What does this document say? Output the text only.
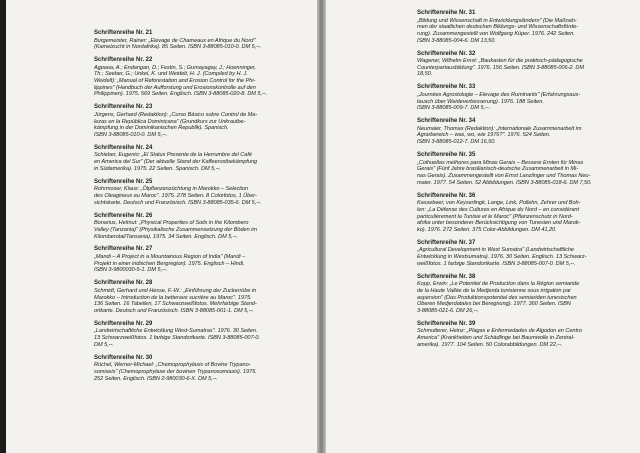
Schriftenreihe Nr. 21
Burgemeister, Rainer: „Elevage de Chameaux en Afrique du Nord"
(Kamelzucht in Nordafrika). 85 Seiten. ISBN 3-88085-010-0. DM 5,--.
Schriftenreihe Nr. 22
Agpaoa, A.; Endangan, D.; Festin, S.; Gumayagay, J.; Hoenninger,
Th.; Seeber, G.; Unkel, K. und Weidelt, H. J. (Compiled by H. J.
Weidelt): „Manual of Reforestation and Erosion Control for the Phi-
lippines" (Handbuch der Aufforstung und Erosionskontrolle auf den
Philippinen). 1975. 569 Seiten. Englisch. ISBN 3-88085-020-8. DM 5,--.
Schriftenreihe Nr. 23
Jürgens, Gerhard (Redaktion): „Curso Básico sobre Control de Ma-
lezas en la República Dominicana" (Grundkurs zur Unkrautbe-
kämpfung in der Dominikanischen Republik). Spanisch.
ISBN 3-88085-010-0. DM 5,--.
Schriftenreihe Nr. 24
Schieber, Eugenio: „El Status Presente de la Herrumbre del Café
en America del Sur" (Der aktuelle Stand der Kaffeerostbekämpfung
in Südamerika). 1975. 22 Seiten. Spanisch. DM 5,--.
Schriftenreihe Nr. 25
Rohrmoser, Klaus: „Ölpflanzenzüchtung in Marokko – Selection
des Oleagineux au Maroc". 1975. 278 Seiten. 8 Colorfotos, 1 Über-
sichtskarte. Deutsch und Französisch. ISBN 3-88085-035-6. DM 5,--.
Schriftenreihe Nr. 26
Bonarius, Helmut: „Physical Properties of Soils in the Kilombero
Valley (Tanzania)" (Physikalische Zusammensetzung der Böden im
Kilomberotal/Tansania). 1975. 34 Seiten. Englisch. DM 5,--.
Schriftenreihe Nr. 27
„Mandi – A Project in a Mountainous Region of India" (Mandi –
Projekt in einer indischen Bergregion). 1975. Englisch – Hindi.
ISBN 3-9800030-5-1. DM 5,--.
Schriftenreihe Nr. 28
Schmidt, Gerhard und Hesse, F.-W.: „Einführung der Zuckerrübe in
Marokko – Introduction de la betterave sucrière au Maroc". 1975.
136 Seiten. 16 Tabellen, 17 Schwarzweißfotos. Mehrfarbige Stand-
ortkarte. Deutsch und Französisch. ISBN 3-88085-001-1. DM 5,--.
Schriftenreihe Nr. 29
„Landwirtschaftliche Entwicklung West-Sumatras". 1976. 30 Seiten.
13 Schwarzweißfotos. 1 farbige Standortkarte. ISBN 3-88085-007-0.
DM 5,--.
Schriftenreihe Nr. 30
Rüchel, Werner-Michael: „Chemoprophylaxis of Bovine Trypano-
somiasis" (Chemoprophylaxe der bovinen Trypanosomiasis). 1975.
252 Seiten. Englisch. ISBN 2-980030-6-X. DM 5,--.
Schriftenreihe Nr. 31
„Bildung und Wissenschaft in Entwicklungsländern" (Die Maßnah-
men der staatlichen deutschen Bildungs- und Wissenschaftsförde-
rung). Zusammengestellt von Wolfgang Küper. 1976. 242 Seiten.
ISBN 3-88085-004-6. DM 13,50.
Schriftenreihe Nr. 32
Wagener, Wilhelm Ernst: „Baukasten für die praktisch-pädagogische
Counterpartausbildung". 1976. 156 Seiten. ISBN 3-88085-006-2. DM
18,50.
Schriftenreihe Nr. 33
„Journées Agrostologie – Elevage des Ruminants" (Erfahrungsaus-
tausch über Weideverbesserung). 1976. 188 Seiten.
ISBN 3-88085-009-7. DM 5,--.
Schriftenreihe Nr. 34
Neumaier, Thomas (Redaktion): „Internationale Zusammenarbeit im
Agrarbereich – was, wo, wie 1976?". 1976. 524 Seiten.
ISBN 3-88085-012-7. DM 16,50.
Schriftenreihe Nr. 35
„Coihueltas melhores para Minas Gerais – Bessere Ernten für Minas
Gerais" (Fünf Jahre brasilianisch-deutsche Zusammenarbeit in Mi-
nas Gerais). Zusammengestellt von Ernst Lanzlinger und Thomas Neu-
maier. 1977. 54 Seiten. 52 Abbildungen. ISBN 3-88085-018-6. DM 7,50.
Schriftenreihe Nr. 36
Kassebeer, von Keyserlingk, Lange, Link, Pollehn, Zehrer und Boh-
len: „La Défense des Cultures en Afrique du Nord – en considérant
particulièrement la Tunisie et le Maroc" (Pflanzenschutz in Nord-
afrika unter besonderer Berücksichtigung von Tunesien und Marok-
ko). 1976. 272 Seiten. 375 Color-Abbildungen. DM 41,20.
Schriftenreihe Nr. 37
„Agricultural Development in West Sumatra" (Landwirtschaftliche
Entwicklung in Westsumatra). 1976. 30 Seiten. Englisch. 13 Schwarz-
weißfotos. 1 farbige Standortkarte. ISBN 3-88085-007-0. DM 5,--.
Schriftenreihe Nr. 38
Kopp, Erwin: „Le Potentiel de Production dans la Région semiaride
de la Haute Vallée de la Medjerda tunisienne sous irrigation par
aspersion" (Das Produktionspotential des semiariden tunesischen
Oberen Medjerdatales bei Beregnung). 1977. 360 Seiten. ISBN
3-88085-021-6. DM 26,--.
Schriftenreihe Nr. 39
Schmutterer, Heinz: „Plagas e Enfermedades de Algodon en Centro
America" (Krankheiten und Schädlinge bei Baumwolle in Zentral-
amerika). 1977. 104 Seiten. 50 Colorabbildungen. DM 22,--.
